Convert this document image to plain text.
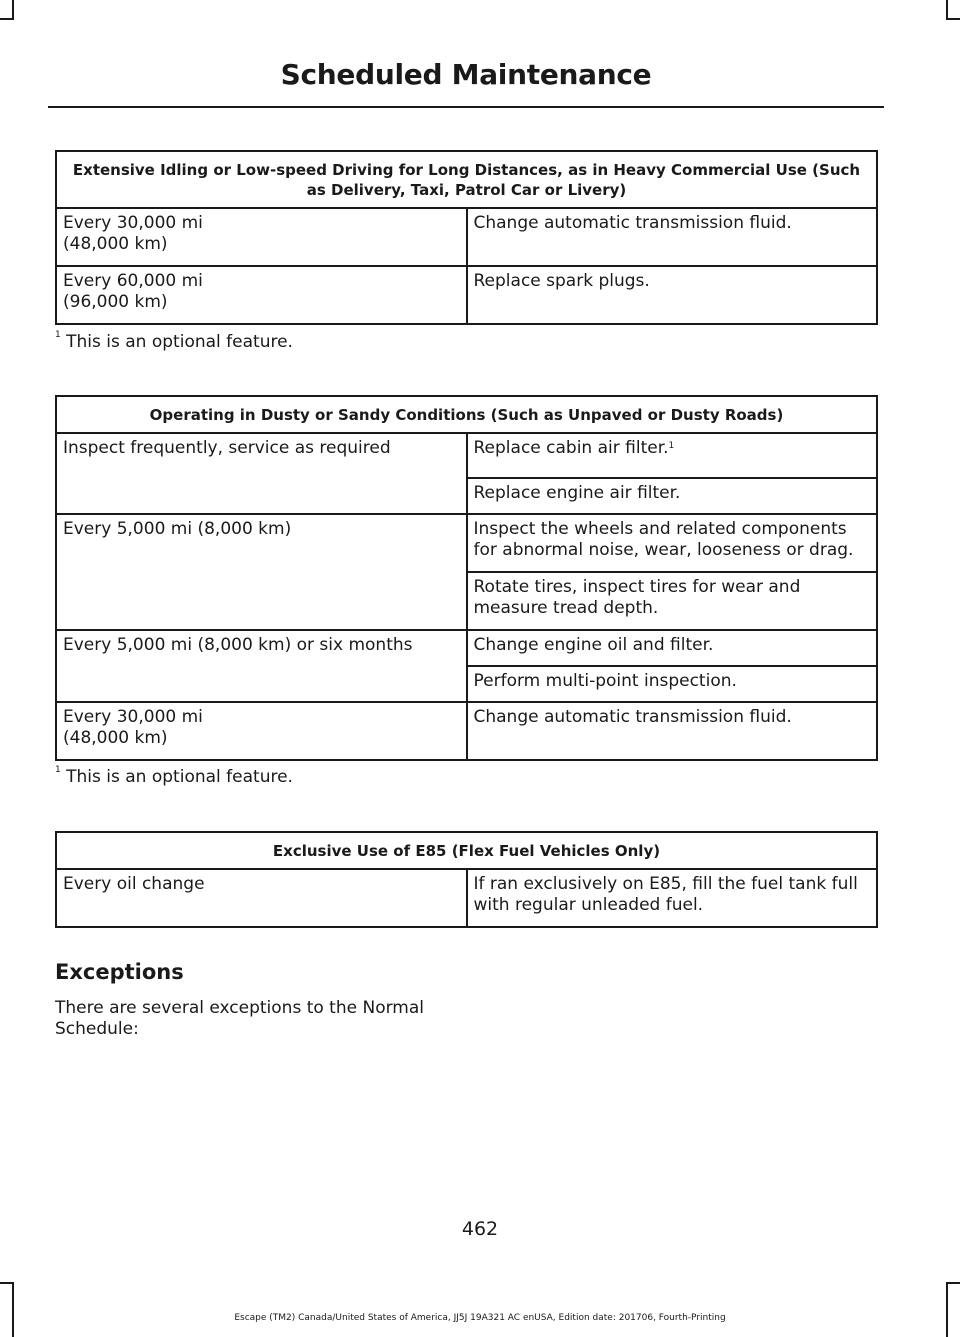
Scheduled Maintenance
Extensive Idling or Low-speed Driving for Long Distances, as in Heavy Commercial Use (Such as Delivery, Taxi, Patrol Car or Livery)	
Every 30,000 mi
(48,000 km)	Change automatic transmission fluid.
Every 60,000 mi
(96,000 km)	Replace spark plugs.
$^1$ This is an optional feature.
Operating in Dusty or Sandy Conditions (Such as Unpaved or Dusty Roads)	
Inspect frequently, service as required	Replace cabin air filter.$^1$
	Replace engine air filter.
Every 5,000 mi (8,000 km)	Inspect the wheels and related components for abnormal noise, wear, looseness or drag.
	Rotate tires, inspect tires for wear and measure tread depth.
Every 5,000 mi (8,000 km) or six months	Change engine oil and filter.
	Perform multi-point inspection.
Every 30,000 mi
(48,000 km)	Change automatic transmission fluid.
$^1$ This is an optional feature.
Exclusive Use of E85 (Flex Fuel Vehicles Only)
Every oil change	If ran exclusively on E85, fill the fuel tank full with regular unleaded fuel.
Exceptions
There are several exceptions to the Normal Schedule:
462
Escape (TM2) Canada/United States of America, JJ5J 19A321 AC enUSA, Edition date: 201706, Fourth-Printing
